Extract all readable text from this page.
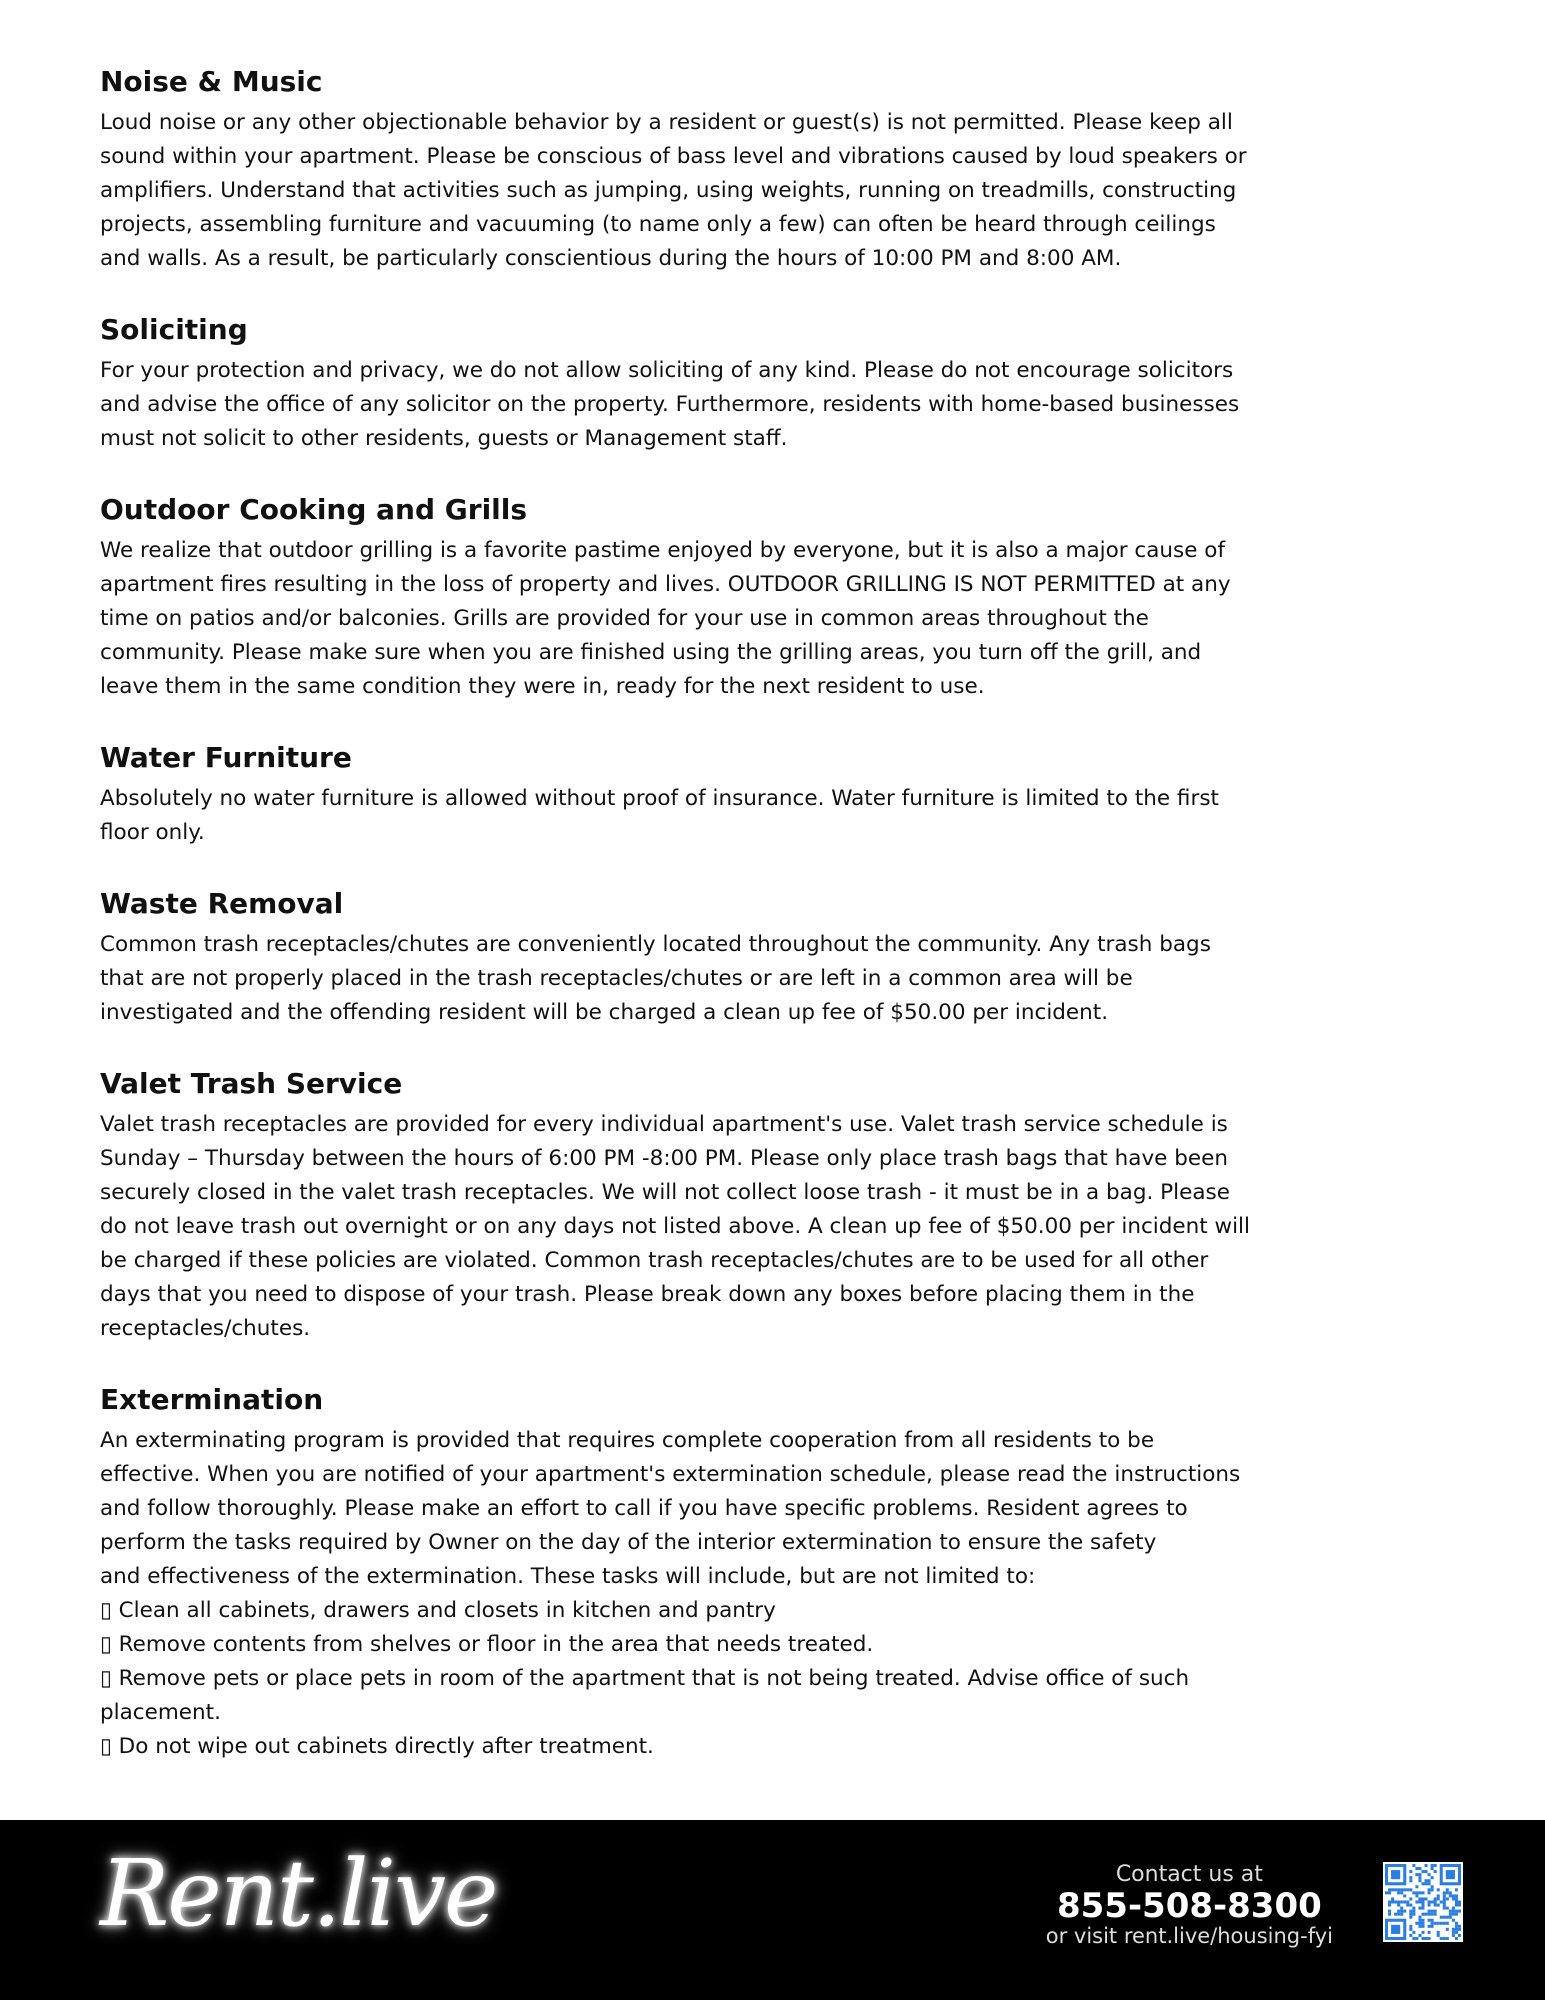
Noise & Music
Loud noise or any other objectionable behavior by a resident or guest(s) is not permitted. Please keep all
sound within your apartment. Please be conscious of bass level and vibrations caused by loud speakers or
amplifiers. Understand that activities such as jumping, using weights, running on treadmills, constructing
projects, assembling furniture and vacuuming (to name only a few) can often be heard through ceilings
and walls. As a result, be particularly conscientious during the hours of 10:00 PM and 8:00 AM.
Soliciting
For your protection and privacy, we do not allow soliciting of any kind. Please do not encourage solicitors
and advise the office of any solicitor on the property. Furthermore, residents with home-based businesses
must not solicit to other residents, guests or Management staff.
Outdoor Cooking and Grills
We realize that outdoor grilling is a favorite pastime enjoyed by everyone, but it is also a major cause of
apartment fires resulting in the loss of property and lives. OUTDOOR GRILLING IS NOT PERMITTED at any
time on patios and/or balconies. Grills are provided for your use in common areas throughout the
community. Please make sure when you are finished using the grilling areas, you turn off the grill, and
leave them in the same condition they were in, ready for the next resident to use.
Water Furniture
Absolutely no water furniture is allowed without proof of insurance. Water furniture is limited to the first
floor only.
Waste Removal
Common trash receptacles/chutes are conveniently located throughout the community. Any trash bags
that are not properly placed in the trash receptacles/chutes or are left in a common area will be
investigated and the offending resident will be charged a clean up fee of $50.00 per incident.
Valet Trash Service
Valet trash receptacles are provided for every individual apartment's use. Valet trash service schedule is
Sunday – Thursday between the hours of 6:00 PM -8:00 PM. Please only place trash bags that have been
securely closed in the valet trash receptacles. We will not collect loose trash - it must be in a bag. Please
do not leave trash out overnight or on any days not listed above. A clean up fee of $50.00 per incident will
be charged if these policies are violated. Common trash receptacles/chutes are to be used for all other
days that you need to dispose of your trash. Please break down any boxes before placing them in the
receptacles/chutes.
Extermination
An exterminating program is provided that requires complete cooperation from all residents to be
effective. When you are notified of your apartment's extermination schedule, please read the instructions
and follow thoroughly. Please make an effort to call if you have specific problems. Resident agrees to
perform the tasks required by Owner on the day of the interior extermination to ensure the safety
and effectiveness of the extermination. These tasks will include, but are not limited to:
▯ Clean all cabinets, drawers and closets in kitchen and pantry
▯ Remove contents from shelves or floor in the area that needs treated.
▯ Remove pets or place pets in room of the apartment that is not being treated. Advise office of such
placement.
▯ Do not wipe out cabinets directly after treatment.
Rent.live	Contact us at
855-508-8300
or visit rent.live/housing-fyi
